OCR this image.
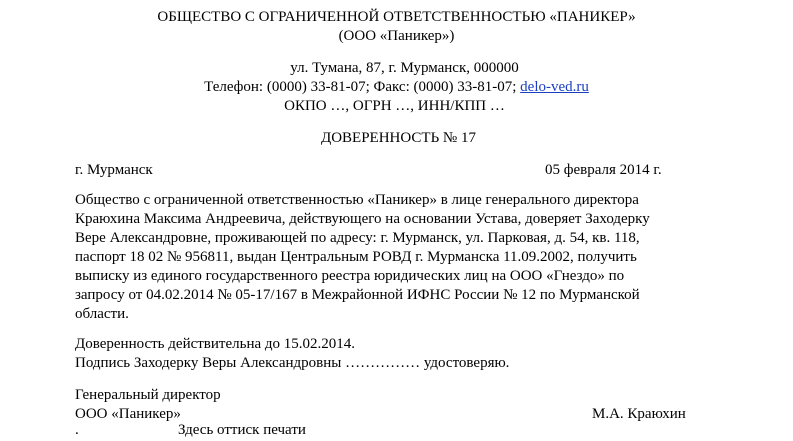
ОБЩЕСТВО С ОГРАНИЧЕННОЙ ОТВЕТСТВЕННОСТЬЮ «ПАНИКЕР»
(ООО «Паникер»)
ул. Тумана, 87, г. Мурманск, 000000
Телефон: (0000) 33-81-07; Факс: (0000) 33-81-07; delo-ved.ru
ОКПО …, ОГРН …, ИНН/КПП …
ДОВЕРЕННОСТЬ № 17
г. Мурманск	05 февраля 2014 г.
Общество с ограниченной ответственностью «Паникер» в лице генерального директора
Краюхина Максима Андреевича, действующего на основании Устава, доверяет Заходерку
Вере Александровне, проживающей по адресу: г. Мурманск, ул. Парковая, д. 54, кв. 118,
паспорт 18 02 № 956811, выдан Центральным РОВД г. Мурманска 11.09.2002, получить
выписку из единого государственного реестра юридических лиц на ООО «Гнездо» по
запросу от 04.02.2014 № 05-17/167 в Межрайонной ИФНС России № 12 по Мурманской
области.
Доверенность действительна до 15.02.2014.
Подпись Заходерку Веры Александровны …………… удостоверяю.
Генеральный директор
ООО «Паникер»	М.А. Краюхин
.	Здесь оттиск печати
